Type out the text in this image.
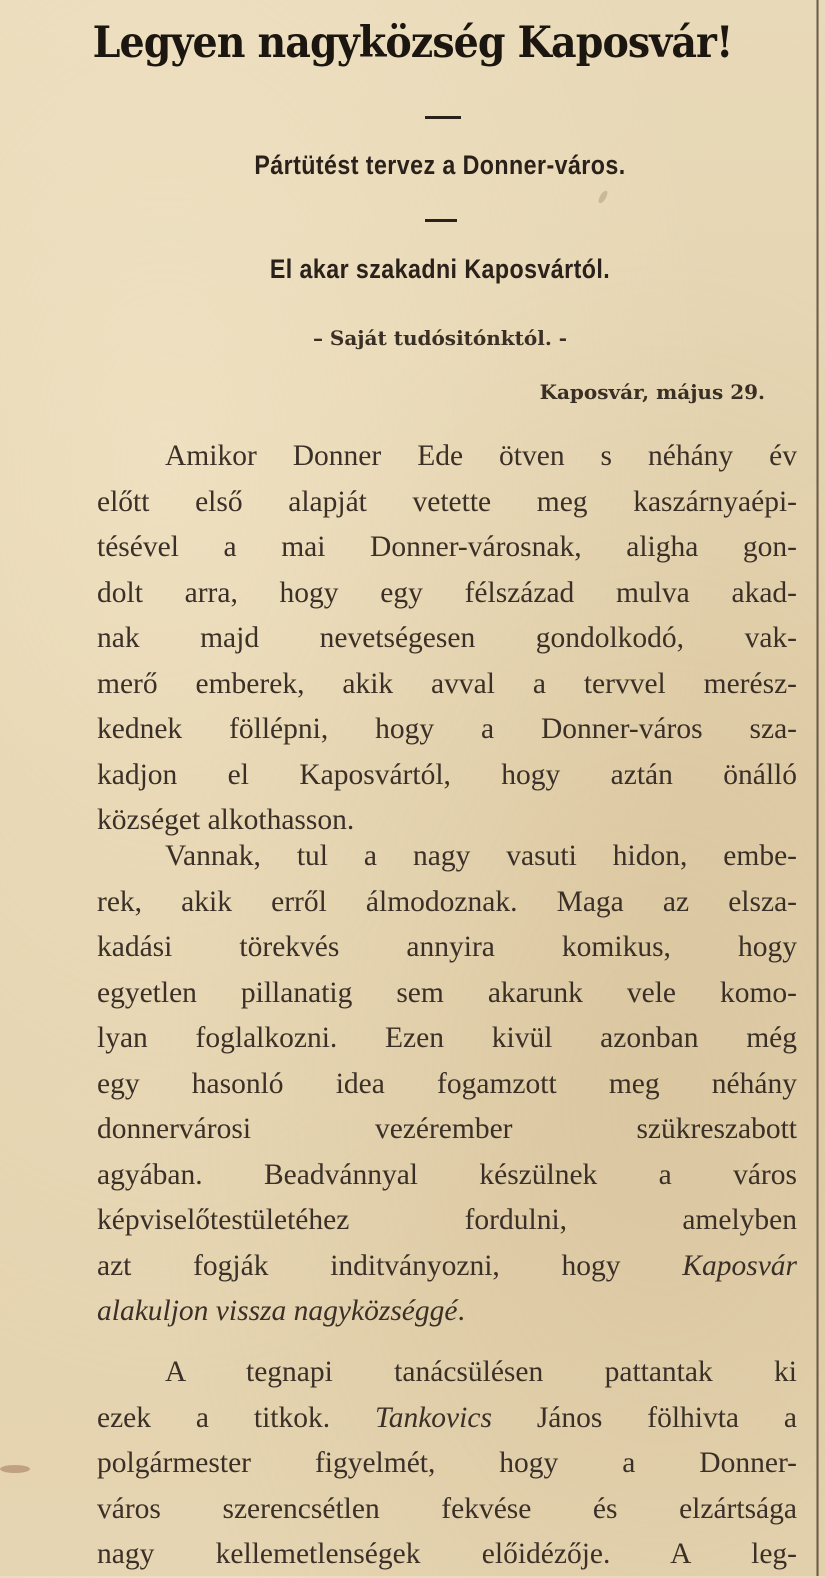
Legyen nagyközség Kaposvár!
Pártütést tervez a Donner-város.
El akar szakadni Kaposvártól.
– Saját tudósitónktól. -
Kaposvár, május 29.
Amikor Donner Ede ötven s néhány év
előtt első alapját vetette meg kaszárnyaépi-
tésével a mai Donner-városnak, aligha gon-
dolt arra, hogy egy félszázad mulva akad-
nak majd nevetségesen gondolkodó, vak-
merő emberek, akik avval a tervvel merész-
kednek föllépni, hogy a Donner-város sza-
kadjon el Kaposvártól, hogy aztán önálló
községet alkothasson.
Vannak, tul a nagy vasuti hidon, embe-
rek, akik erről álmodoznak. Maga az elsza-
kadási törekvés annyira komikus, hogy
egyetlen pillanatig sem akarunk vele komo-
lyan foglalkozni. Ezen kivül azonban még
egy hasonló idea fogamzott meg néhány
donnervárosi vezérember szükreszabott
agyában. Beadvánnyal készülnek a város
képviselőtestületéhez fordulni, amelyben
azt fogják inditványozni, hogy Kaposvár
alakuljon vissza nagyközséggé.
A tegnapi tanácsülésen pattantak ki
ezek a titkok. Tankovics János fölhivta a
polgármester figyelmét, hogy a Donner-
város szerencsétlen fekvése és elzártsága
nagy kellemetlenségek előidézője. A leg-
